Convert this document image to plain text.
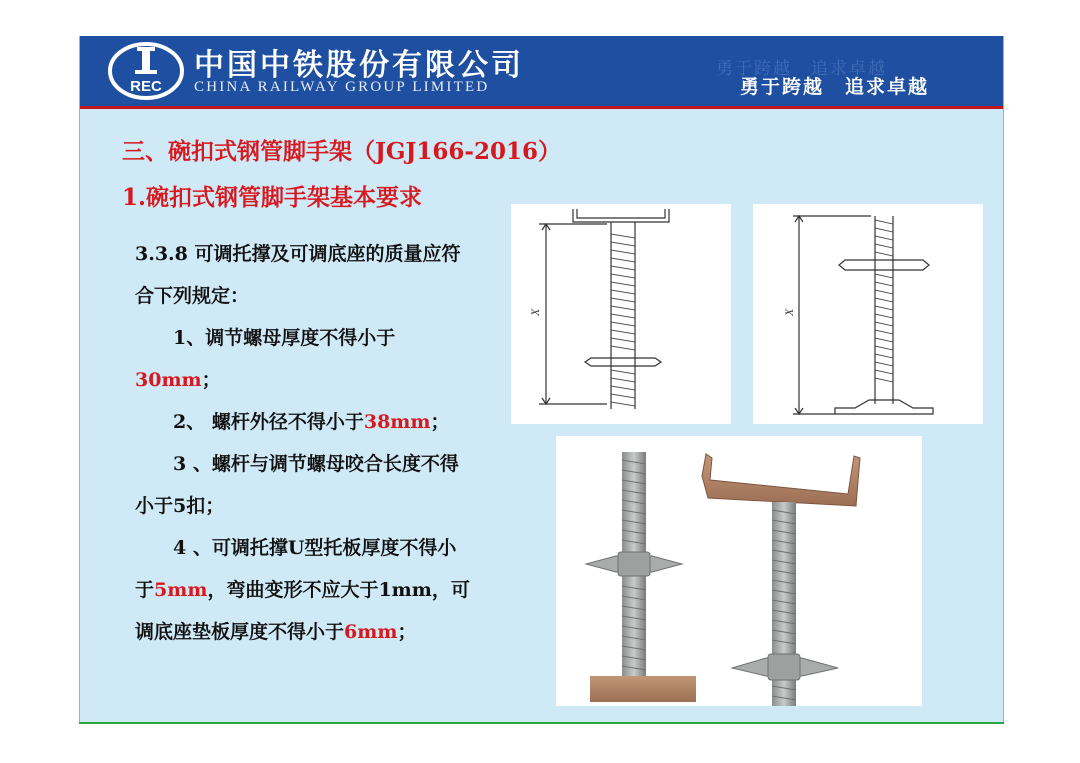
REC
中国中铁股份有限公司
CHINA RAILWAY GROUP LIMITED
勇于跨越　追求卓越
勇于跨越　追求卓越
三、碗扣式钢管脚手架（JGJ166-2016）
1.碗扣式钢管脚手架基本要求

3.3.8 可调托撑及可调底座的质量应符合下列规定：

1、调节螺母厚度不得小于30mm；

2、 螺杆外径不得小于38mm；

3 、螺杆与调节螺母咬合长度不得小于5扣；

4 、可调托撑U型托板厚度不得小于5mm，弯曲变形不应大于1mm，可调底座垫板厚度不得小于6mm；

X	X
